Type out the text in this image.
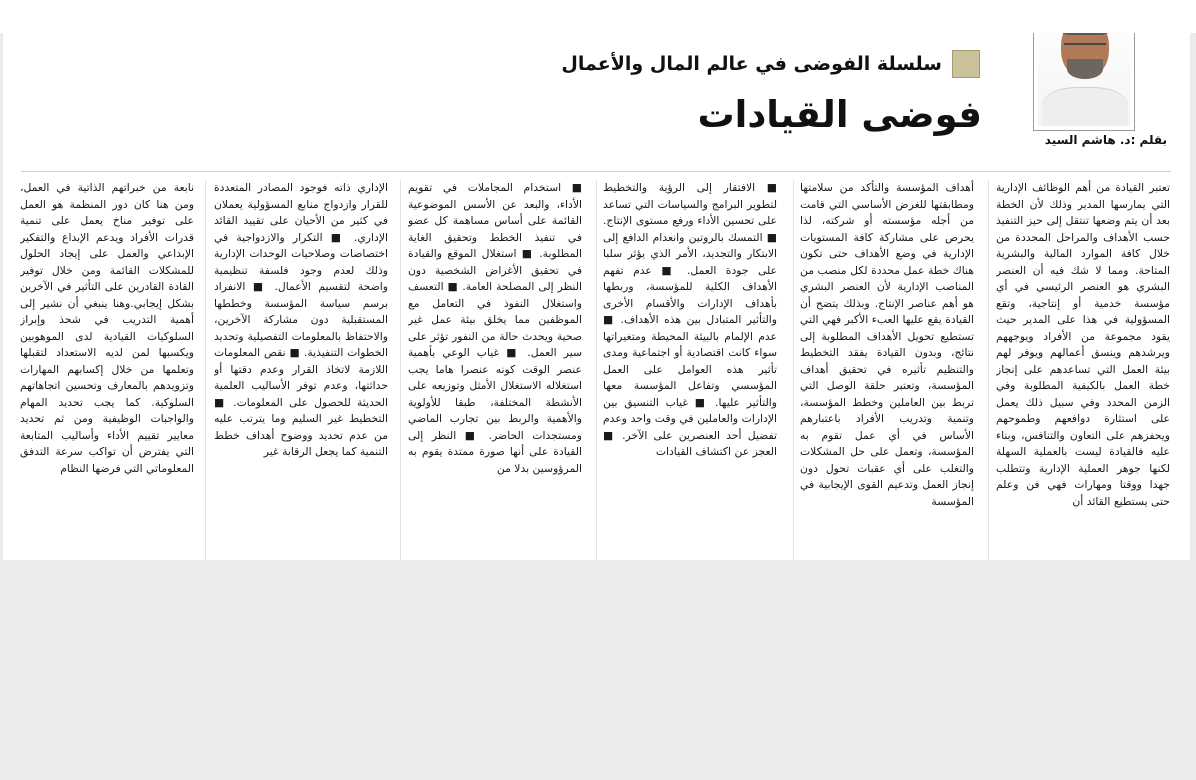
بقلم :د. هاشم السيد
سلسلة الفوضى في عالم المال والأعمال
فوضى القيادات

تعتبر القيادة من أهم الوظائف الإدارية التي يمارسها المدير وذلك لأن الخطة بعد أن يتم وضعها تنتقل إلى حيز التنفيذ حسب الأهداف والمراحل المحددة من خلال كافة الموارد المالية والبشرية المتاحة. ومما لا شك فيه أن العنصر البشري هو العنصر الرئيسي في أي مؤسسة خدمية أو إنتاجية، وتقع المسؤولية في هذا على المدير حيث يقود مجموعة من الأفراد ويوجههم ويرشدهم وينسق أعمالهم ويوفر لهم بيئة العمل التي تساعدهم على إنجاز خطة العمل بالكيفية المطلوبة وفي الزمن المحدد وفي سبيل ذلك يعمل على استثارة دوافعهم وطموحهم ويحفزهم على التعاون والتنافس، وبناء عليه فالقيادة ليست بالعملية السهلة لكنها جوهر العملية الإدارية وتتطلب جهدا ووقتا ومهارات فهي فن وعلم حتى يستطيع القائد أن

أهداف المؤسسة والتأكد من سلامتها ومطابقتها للغرض الأساسي التي قامت من أجله مؤسسته أو شركته، لذا يحرص على مشاركة كافة المستويات الإدارية في وضع الأهداف حتى تكون هناك خطة عمل محددة لكل منصب من المناصب الإدارية لأن العنصر البشري هو أهم عناصر الإنتاج. وبذلك يتضح أن القيادة يقع عليها العبء الأكبر فهي التي تستطيع تحويل الأهداف المطلوبة إلى نتائج، وبدون القيادة يفقد التخطيط والتنظيم تأثيره في تحقيق أهداف المؤسسة، وتعتبر حلقة الوصل التي تربط بين العاملين وخطط المؤسسة، وتنمية وتدريب الأفراد باعتبارهم الأساس في أي عمل تقوم به المؤسسة، وتعمل على حل المشكلات والتغلب على أي عقبات تحول دون إنجاز العمل وتدعيم القوى الإيجابية في المؤسسة

■ الافتقار إلى الرؤية والتخطيط لتطوير البرامج والسياسات التي تساعد على تحسين الأداء ورفع مستوى الإنتاج. ■ التمسك بالروتين وانعدام الدافع إلى الابتكار والتجديد، الأمر الذي يؤثر سلبا على جودة العمل. ■ عدم تفهم الأهداف الكلية للمؤسسة، وربطها بأهداف الإدارات والأقسام الأخرى والتأثير المتبادل بين هذه الأهداف. ■ عدم الإلمام بالبيئة المحيطة ومتغيراتها سواء كانت اقتصادية أو اجتماعية ومدى تأثير هذه العوامل على العمل المؤسسي وتفاعل المؤسسة معها والتأثير عليها. ■ غياب التنسيق بين الإدارات والعاملين في وقت واحد وعدم تفضيل أحد العنصرين على الآخر. ■ العجز عن اكتشاف القيادات

■ استخدام المجاملات في تقويم الأداء، والبعد عن الأسس الموضوعية القائمة على أساس مساهمة كل عضو في تنفيذ الخطط وتحقيق الغاية المطلوبة. ■ استغلال الموقع والقيادة في تحقيق الأغراض الشخصية دون النظر إلى المصلحة العامة. ■ التعسف واستغلال النفوذ في التعامل مع الموظفين مما يخلق بيئة عمل غير صحية ويحدث حالة من النفور تؤثر على سير العمل. ■ غياب الوعي بأهمية عنصر الوقت كونه عنصرا هاما يجب استغلاله الاستغلال الأمثل وتوزيعه على الأنشطة المختلفة، طبقا للأولوية والأهمية والربط بين تجارب الماضي ومستجدات الحاضر. ■ النظر إلى القيادة على أنها صورة ممتدة يقوم به المرؤوسين بدلا من

الإداري ذاته فوجود المصادر المتعددة للقرار وازدواج منابع المسؤولية يعملان في كثير من الأحيان على تقييد القائد الإداري. ■ التكرار والازدواجية في اختصاصات وصلاحيات الوحدات الإدارية وذلك لعدم وجود فلسفة تنظيمية واضحة لتقسيم الأعمال. ■ الانفراد برسم سياسة المؤسسة وخططها المستقبلية دون مشاركة الآخرين، والاحتفاظ بالمعلومات التفصيلية وتحديد الخطوات التنفيذية. ■ نقص المعلومات اللازمة لاتخاذ القرار وعدم دقتها أو حداثتها، وعدم توفر الأساليب العلمية الحديثة للحصول على المعلومات. ■ التخطيط غير السليم وما يترتب عليه من عدم تحديد ووضوح أهداف خطط التنمية كما يجعل الرقابة غير

نابعة من خبراتهم الذاتية في العمل، ومن هنا كان دور المنظمة هو العمل على توفير مناخ يعمل على تنمية قدرات الأفراد ويدعم الإبداع والتفكير الإبداعي والعمل على إيجاد الحلول للمشكلات القائمة ومن خلال توفير القادة القادرين على التأثير في الآخرين بشكل إيجابي.وهنا ينبغي أن نشير إلى أهمية التدريب في شحذ وإبراز السلوكيات القيادية لدى الموهوبين ويكسبها لمن لديه الاستعداد لتقبلها وتعلمها من خلال إكسابهم المهارات وتزويدهم بالمعارف وتحسين اتجاهاتهم السلوكية. كما يجب تحديد المهام والواجبات الوظيفية ومن ثم تحديد معايير تقييم الأداء وأساليب المتابعة التي يفترض أن تواكب سرعة التدفق المعلوماتي التي فرضها النظام
